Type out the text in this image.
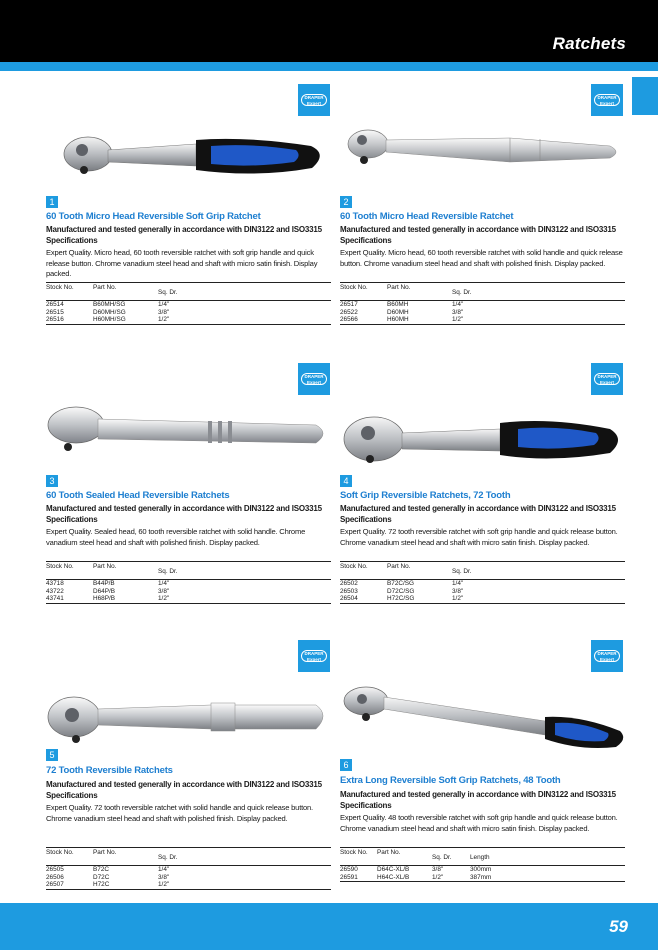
Ratchets
DRAPER
Expert
1
60 Tooth Micro Head Reversible Soft Grip Ratchet
Manufactured and tested generally in accordance with DIN3122 and ISO3315 Specifications
Expert Quality. Micro head, 60 tooth reversible ratchet with soft grip handle and quick release button. Chrome vanadium steel head and shaft with micro satin finish. Display packed.
Stock No.	Part No.
Sq. Dr.
26514	B60MH/SG	1/4"
26515	D60MH/SG	3/8"
26516	H60MH/SG	1/2"
DRAPER
Expert
2
60 Tooth Micro Head Reversible Ratchet
Manufactured and tested generally in accordance with DIN3122 and ISO3315 Specifications
Expert Quality. Micro head, 60 tooth reversible ratchet with solid handle and quick release button. Chrome vanadium steel head and shaft with polished finish. Display packed.
Stock No.	Part No.
Sq. Dr.
26517	B60MH	1/4"
26522	D60MH	3/8"
26566	H60MH	1/2"
DRAPER
Expert
3
60 Tooth Sealed Head Reversible Ratchets
Manufactured and tested generally in accordance with DIN3122 and ISO3315 Specifications
Expert Quality. Sealed head, 60 tooth reversible ratchet with solid handle. Chrome vanadium steel head and shaft with polished finish. Display packed.
Stock No.	Part No.
Sq. Dr.
43718	B44P/B	1/4"
43722	D64P/B	3/8"
43741	H68P/B	1/2"
DRAPER
Expert
4
Soft Grip Reversible Ratchets, 72 Tooth
Manufactured and tested generally in accordance with DIN3122 and ISO3315 Specifications
Expert Quality. 72 tooth reversible ratchet with soft grip handle and quick release button. Chrome vanadium steel head and shaft with micro satin finish. Display packed.
Stock No.	Part No.
Sq. Dr.
26502	B72C/SG	1/4"
26503	D72C/SG	3/8"
26504	H72C/SG	1/2"
DRAPER
Expert
5
72 Tooth Reversible Ratchets
Manufactured and tested generally in accordance with DIN3122 and ISO3315 Specifications
Expert Quality. 72 tooth reversible ratchet with solid handle and quick release button. Chrome vanadium steel head and shaft with polished finish. Display packed.
Stock No.	Part No.
Sq. Dr.
26505	B72C	1/4"
26506	D72C	3/8"
26507	H72C	1/2"
DRAPER
Expert
6
Extra Long Reversible Soft Grip Ratchets, 48 Tooth
Manufactured and tested generally in accordance with DIN3122 and ISO3315 Specifications
Expert Quality. 48 tooth reversible ratchet with soft grip handle and quick release button. Chrome vanadium steel head and shaft with micro satin finish. Display packed.
Stock No.	Part No.
Sq. Dr.	Length
26590	D64C-XL/B	3/8"	300mm
26591	H64C-XL/B	1/2"	387mm
59
